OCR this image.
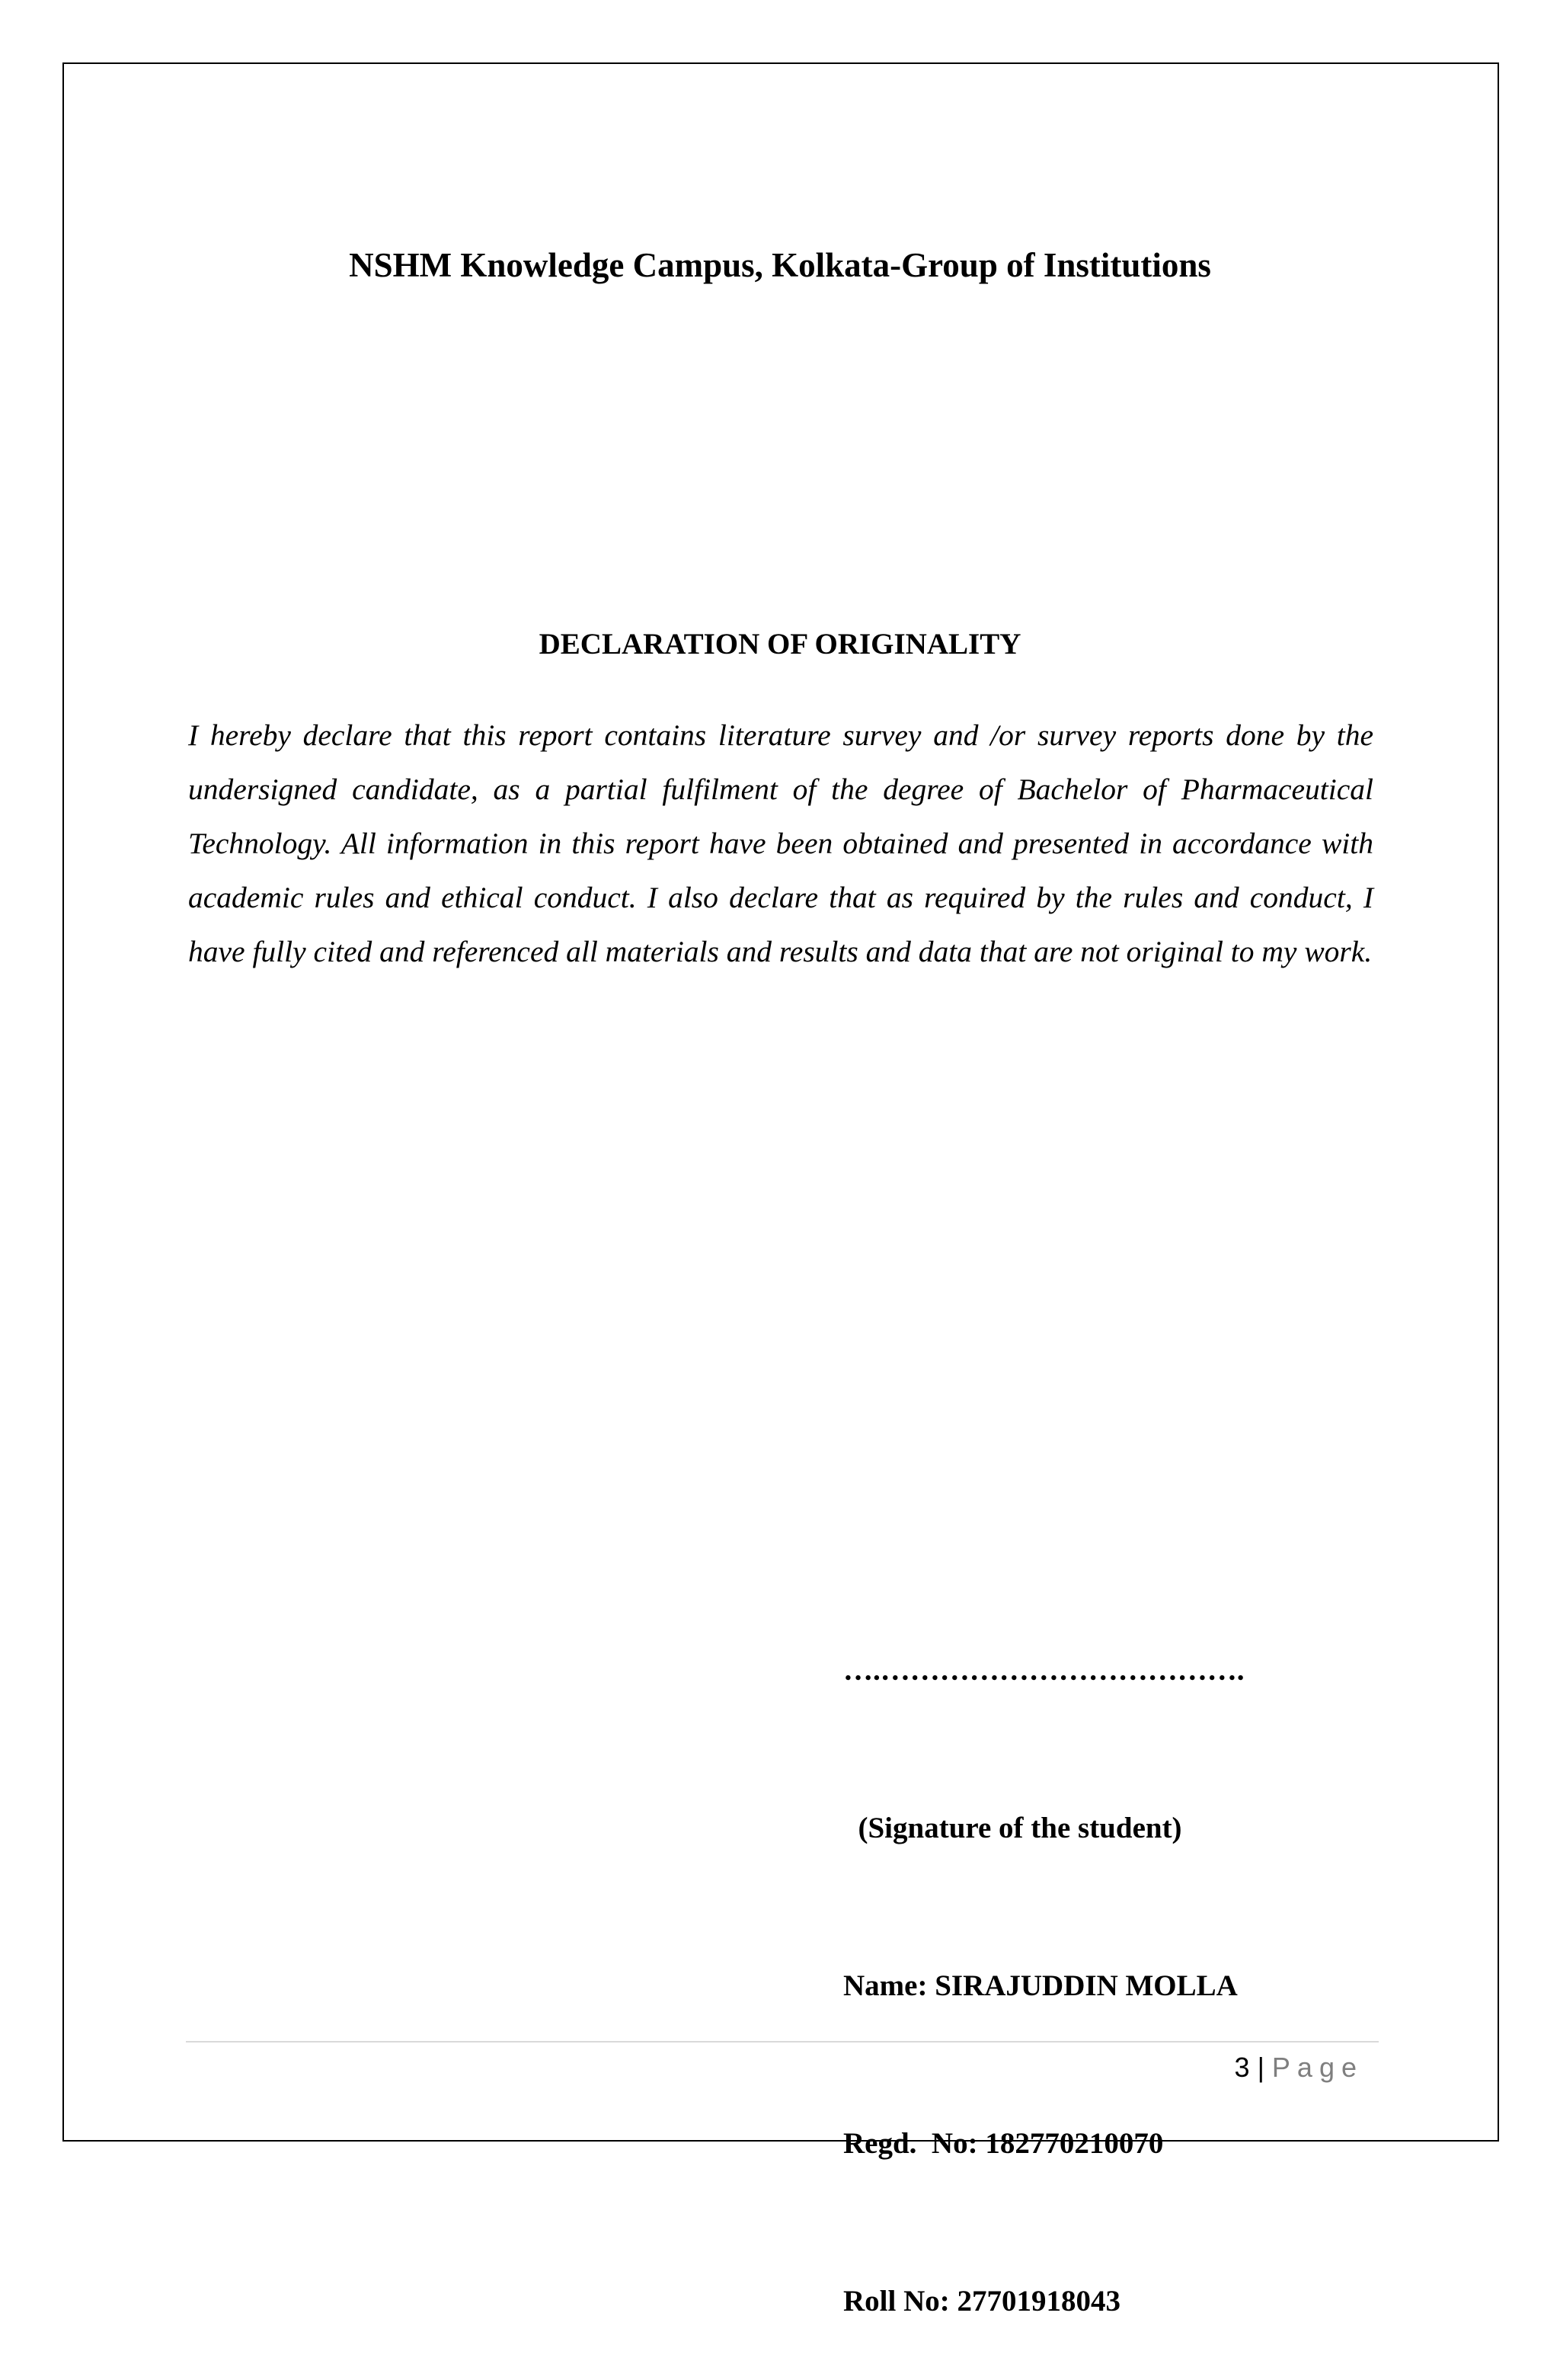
NSHM Knowledge Campus, Kolkata-Group of Institutions
DECLARATION OF ORIGINALITY
I hereby declare that this report contains literature survey and /or survey reports done by the undersigned candidate, as a partial fulfilment of the degree of Bachelor of Pharmaceutical Technology. All information in this report have been obtained and presented in accordance with academic rules and ethical conduct. I also declare that as required by the rules and conduct, I have fully cited and referenced all materials and results and data that are not original to my work.

….……………………………….

(Signature of the student)

Name: SIRAJUDDIN MOLLA

Regd.  No: 182770210070

Roll No: 27701918043

3 | Page
